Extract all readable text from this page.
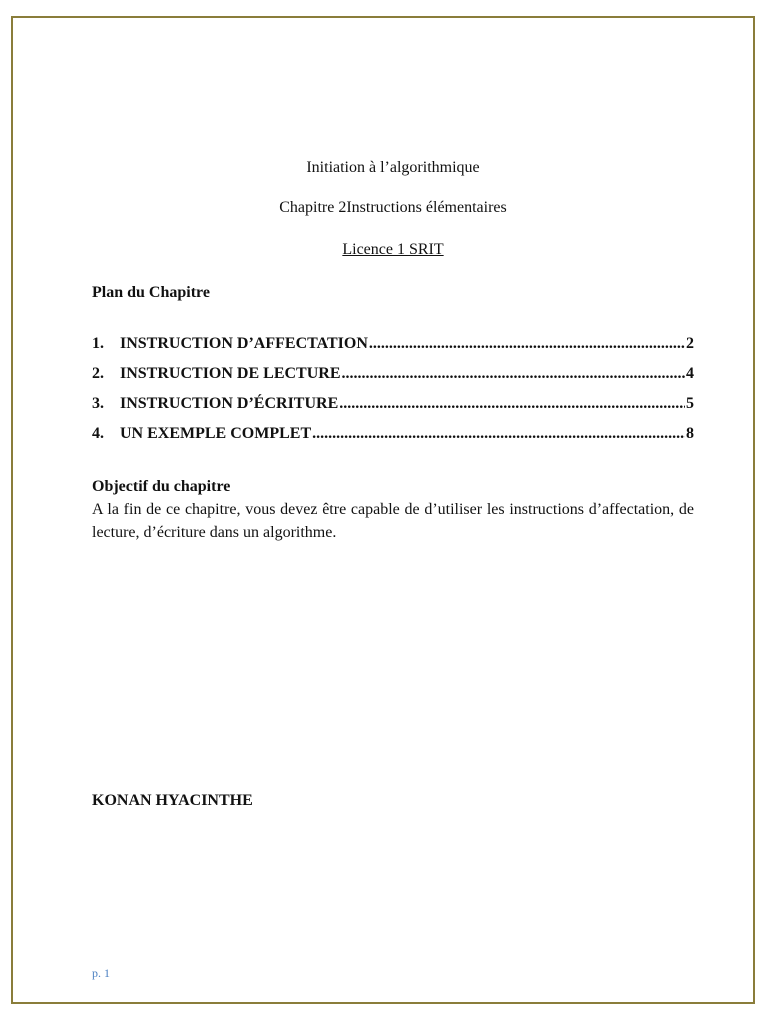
Initiation à l’algorithmique
Chapitre 2Instructions élémentaires
Licence 1 SRIT
Plan du Chapitre
1.	INSTRUCTION D’AFFECTATION .....	2
2.	INSTRUCTION DE LECTURE .....	4
3.	INSTRUCTION D’ÉCRITURE .....	5
4.	UN EXEMPLE COMPLET .....	8
Objectif du chapitre
A la fin de ce chapitre, vous devez être capable de d’utiliser les instructions d’affectation, de lecture, d’écriture dans un algorithme.
KONAN HYACINTHE
p. 1
